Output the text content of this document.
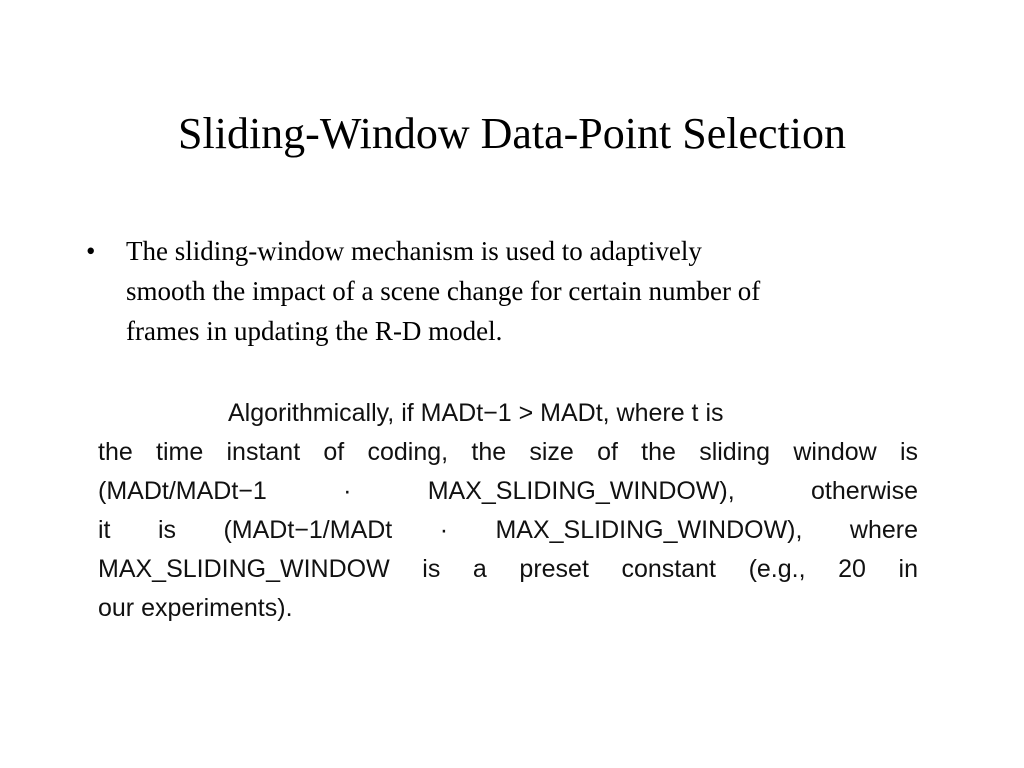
Sliding-Window Data-Point Selection
• The sliding-window mechanism is used to adaptively
smooth the impact of a scene change for certain number of
frames in updating the R-D model.
Algorithmically, if MADt−1 > MADt, where t is
the time instant of coding, the size of the sliding window is
(MADt/MADt−1 · MAX_SLIDING_WINDOW), otherwise
it is (MADt−1/MADt · MAX_SLIDING_WINDOW), where
MAX_SLIDING_WINDOW is a preset constant (e.g., 20 in
our experiments).
